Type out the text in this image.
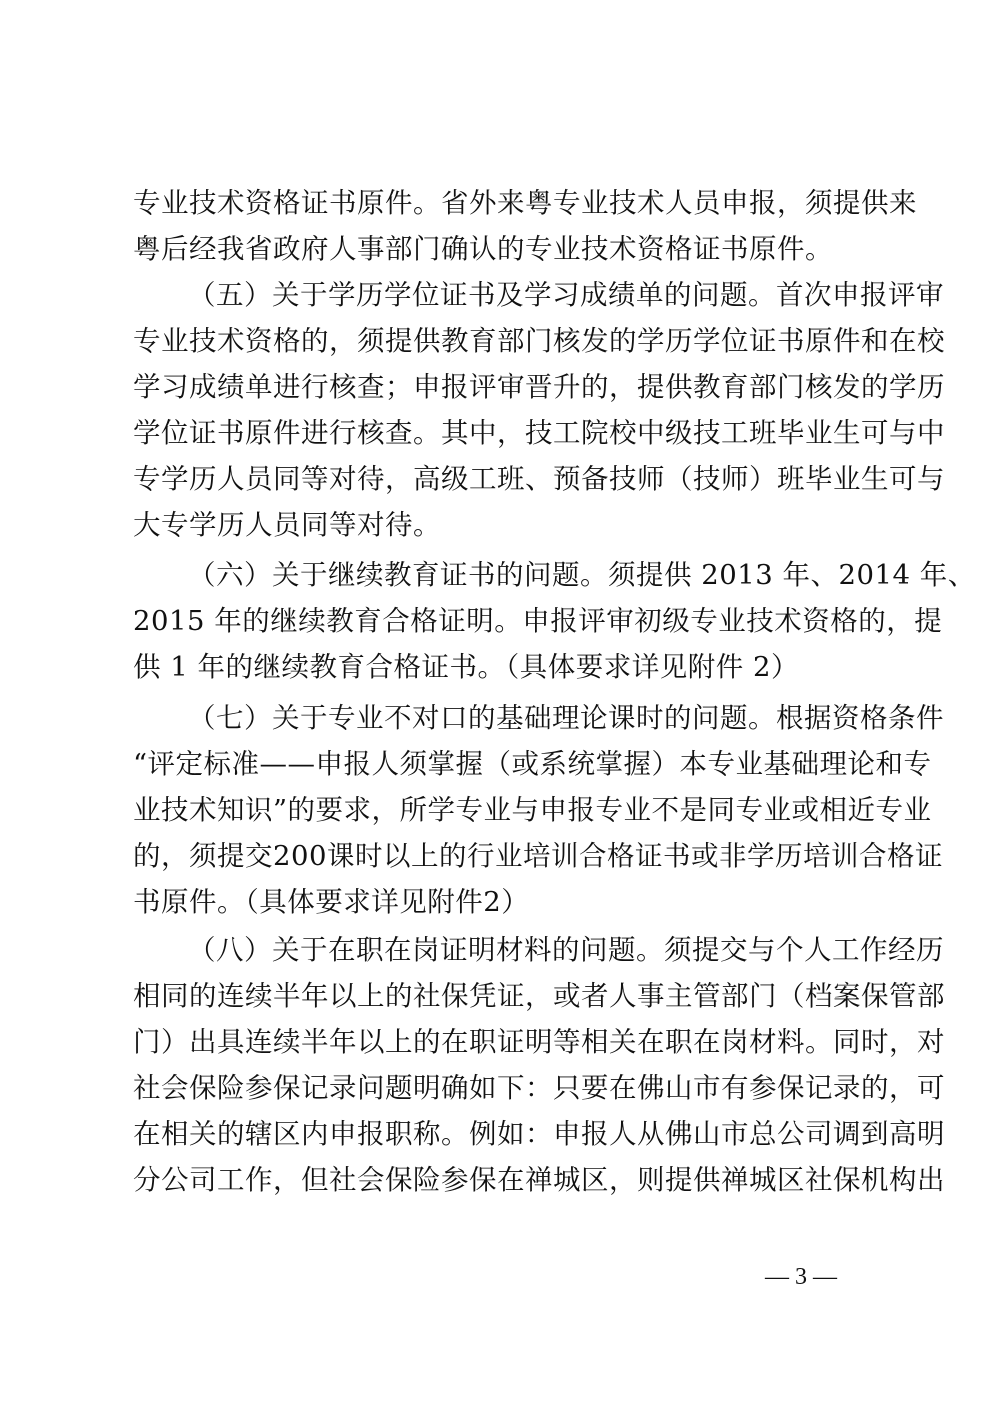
专业技术资格证书原件。省外来粤专业技术人员申报，须提供来
粤后经我省政府人事部门确认的专业技术资格证书原件。
（五）关于学历学位证书及学习成绩单的问题。首次申报评审
专业技术资格的，须提供教育部门核发的学历学位证书原件和在校
学习成绩单进行核查；申报评审晋升的，提供教育部门核发的学历
学位证书原件进行核查。其中，技工院校中级技工班毕业生可与中
专学历人员同等对待，高级工班、预备技师（技师）班毕业生可与
大专学历人员同等对待。
（六）关于继续教育证书的问题。须提供 2013 年、2014 年、
2015 年的继续教育合格证明。申报评审初级专业技术资格的，提
供 1 年的继续教育合格证书。（具体要求详见附件 2）
（七）关于专业不对口的基础理论课时的问题。根据资格条件
“评定标准——申报人须掌握（或系统掌握）本专业基础理论和专
业技术知识”的要求，所学专业与申报专业不是同专业或相近专业
的，须提交200课时以上的行业培训合格证书或非学历培训合格证
书原件。（具体要求详见附件2）
（八）关于在职在岗证明材料的问题。须提交与个人工作经历
相同的连续半年以上的社保凭证，或者人事主管部门（档案保管部
门）出具连续半年以上的在职证明等相关在职在岗材料。同时，对
社会保险参保记录问题明确如下：只要在佛山市有参保记录的，可
在相关的辖区内申报职称。例如：申报人从佛山市总公司调到高明
分公司工作，但社会保险参保在禅城区，则提供禅城区社保机构出
— 3 —
